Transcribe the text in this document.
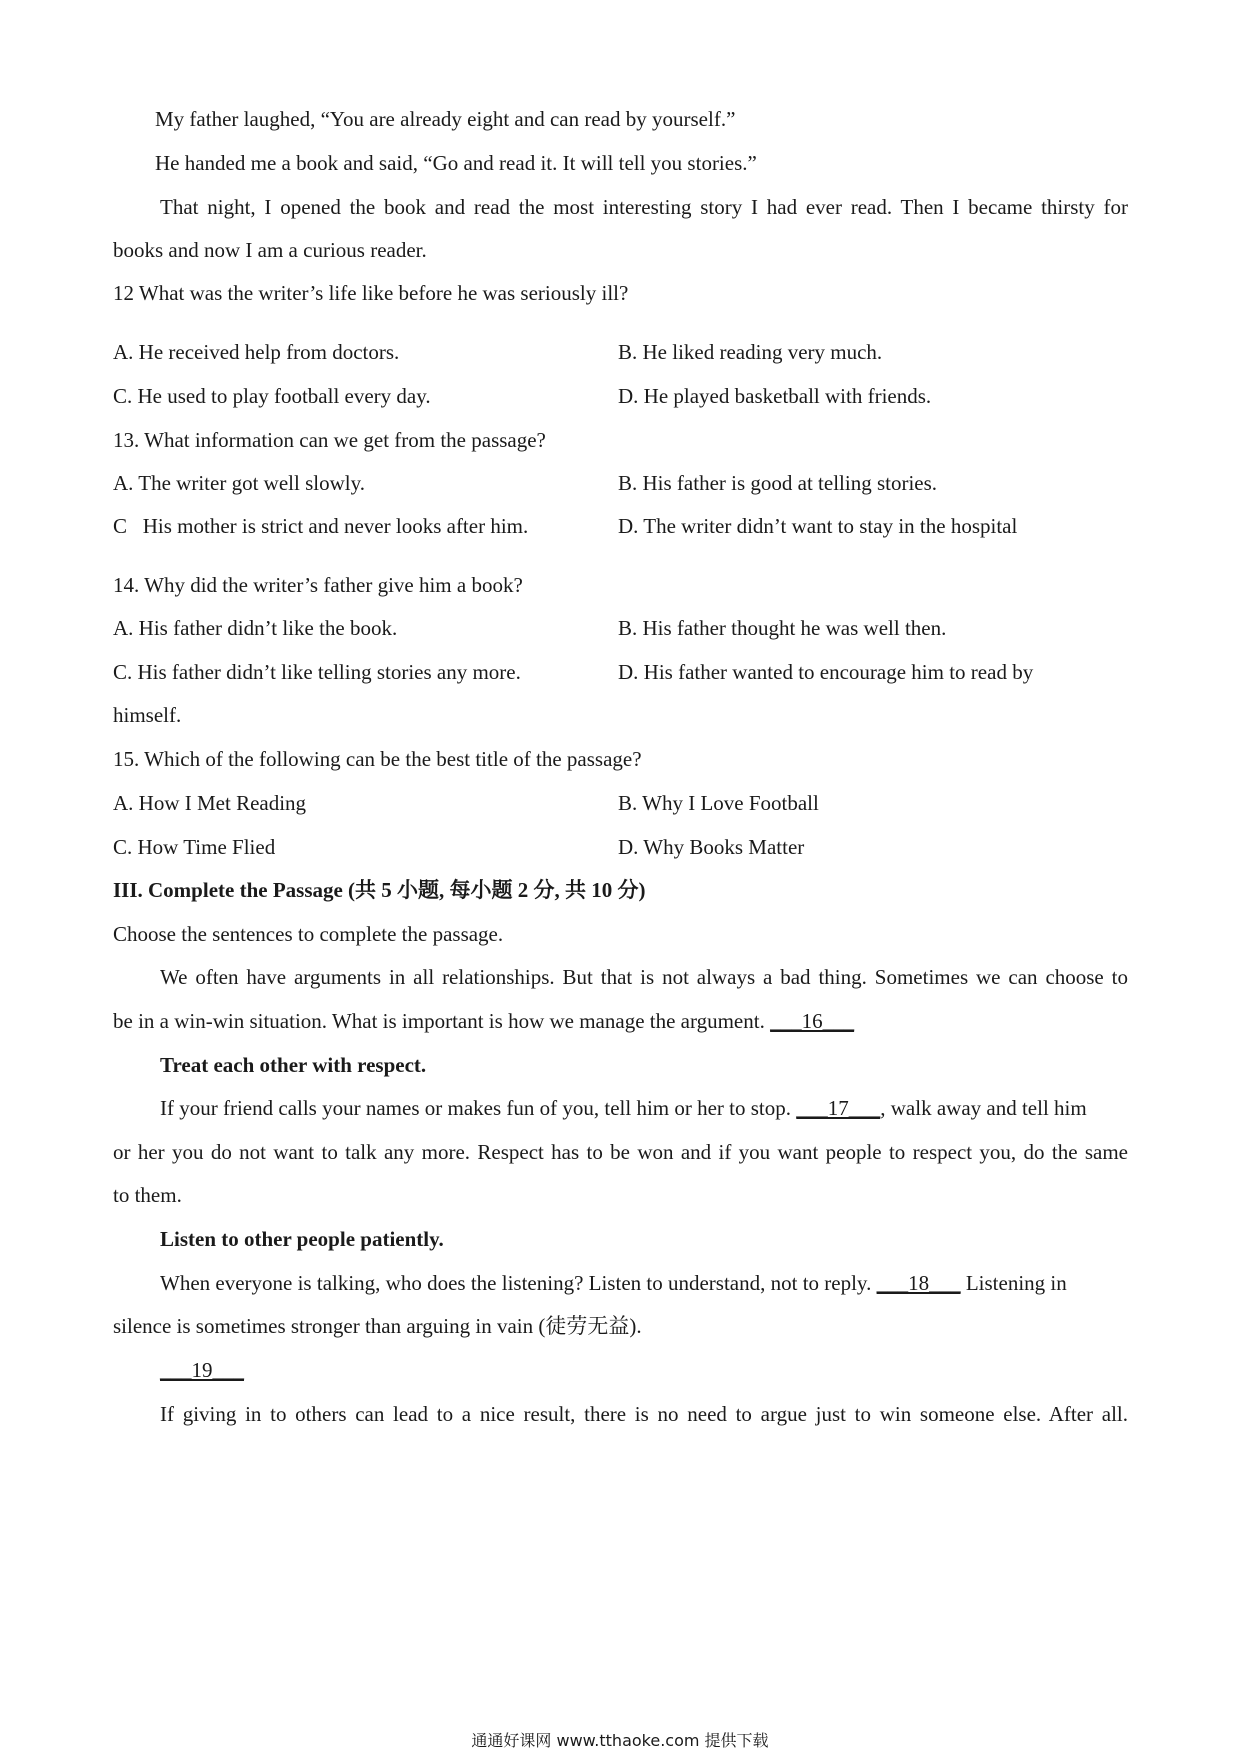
My father laughed, “You are already eight and can read by yourself.”
He handed me a book and said, “Go and read it. It will tell you stories.”
That night, I opened the book and read the most interesting story I had ever read. Then I became thirsty for
books and now I am a curious reader.
12 What was the writer’s life like before he was seriously ill?
A. He received help from doctors.	B. He liked reading very much.
C. He used to play football every day.	D. He played basketball with friends.
13. What information can we get from the passage?
A. The writer got well slowly.	B. His father is good at telling stories.
C   His mother is strict and never looks after him.	D. The writer didn’t want to stay in the hospital
14. Why did the writer’s father give him a book?
A. His father didn’t like the book.	B. His father thought he was well then.
C. His father didn’t like telling stories any more.	D. His father wanted to encourage him to read by
himself.
15. Which of the following can be the best title of the passage?
A. How I Met Reading	B. Why I Love Football
C. How Time Flied	D. Why Books Matter
III. Complete the Passage (共 5 小题, 每小题 2 分, 共 10 分)
Choose the sentences to complete the passage.
We often have arguments in all relationships. But that is not always a bad thing. Sometimes we can choose to
be in a win-win situation. What is important is how we manage the argument. ___16___
Treat each other with respect.
If your friend calls your names or makes fun of you, tell him or her to stop. ___17___, walk away and tell him
or her you do not want to talk any more. Respect has to be won and if you want people to respect you, do the same
to them.
Listen to other people patiently.
When everyone is talking, who does the listening? Listen to understand, not to reply. ___18___ Listening in
silence is sometimes stronger than arguing in vain (徒劳无益).
___19___
If giving in to others can lead to a nice result, there is no need to argue just to win someone else. After all.
通通好课网 www.tthaoke.com 提供下载
